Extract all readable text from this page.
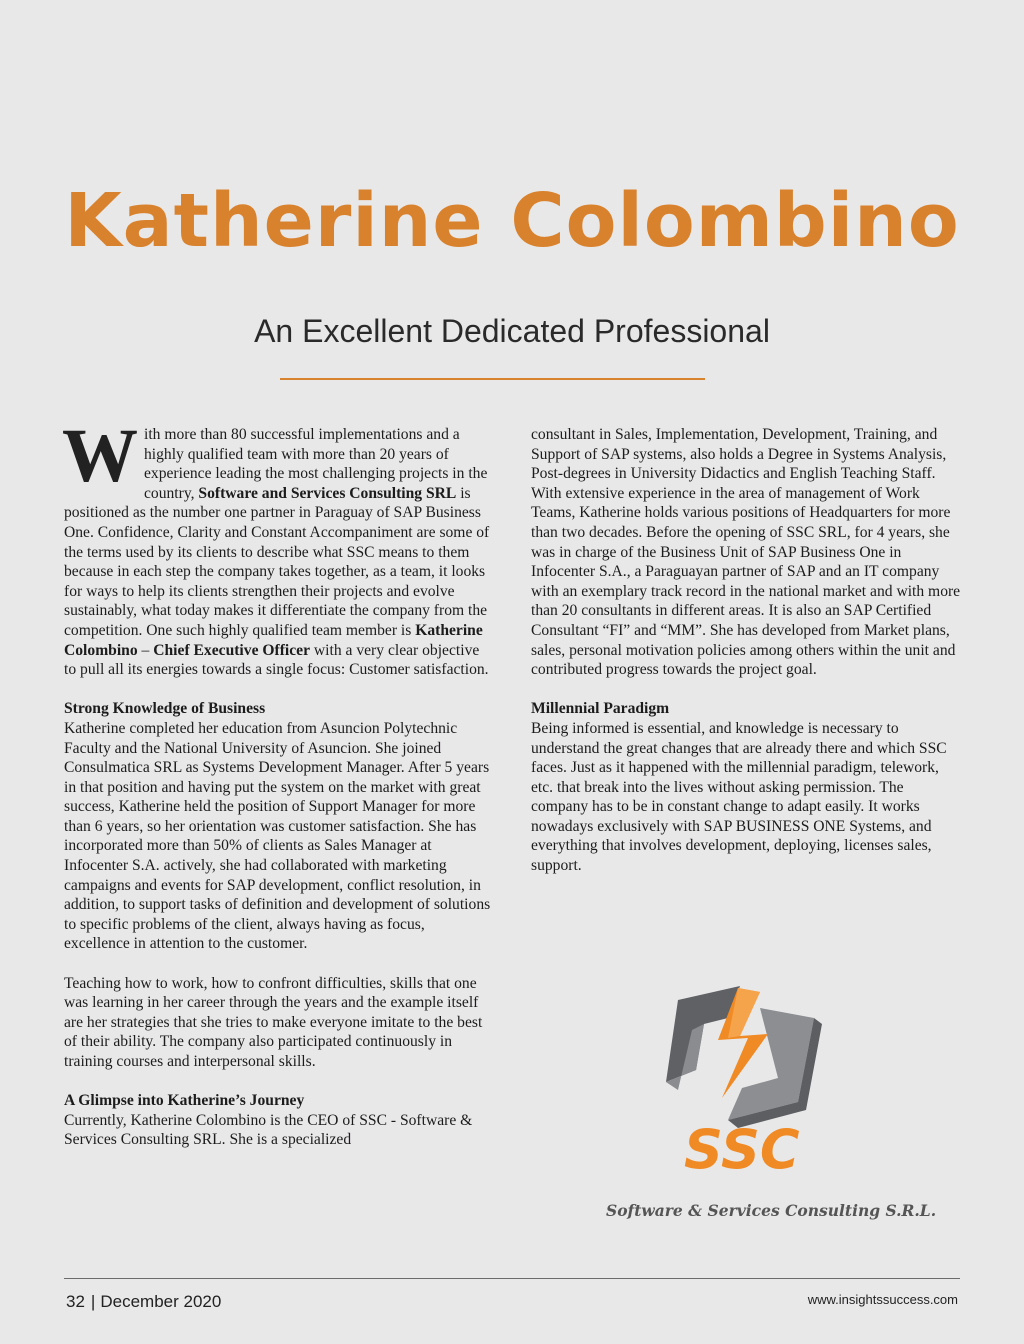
Katherine Colombino
An Excellent Dedicated Professional

With more than 80 successful implementations and a highly qualified team with more than 20 years of experience leading the most challenging projects in the country, Software and Services Consulting SRL is positioned as the number one partner in Paraguay of SAP Business One. Confidence, Clarity and Constant Accompaniment are some of the terms used by its clients to describe what SSC means to them because in each step the company takes together, as a team, it looks for ways to help its clients strengthen their projects and evolve sustainably, what today makes it differentiate the company from the competition. One such highly qualified team member is Katherine Colombino – Chief Executive Officer with a very clear objective to pull all its energies towards a single focus: Customer satisfaction.

Strong Knowledge of Business

Katherine completed her education from Asuncion Polytechnic Faculty and the National University of Asuncion. She joined Consulmatica SRL as Systems Development Manager. After 5 years in that position and having put the system on the market with great success, Katherine held the position of Support Manager for more than 6 years, so her orientation was customer satisfaction. She has incorporated more than 50% of clients as Sales Manager at Infocenter S.A. actively, she had collaborated with marketing campaigns and events for SAP development, conflict resolution, in addition, to support tasks of definition and development of solutions to specific problems of the client, always having as focus, excellence in attention to the customer.

Teaching how to work, how to confront difficulties, skills that one was learning in her career through the years and the example itself are her strategies that she tries to make everyone imitate to the best of their ability. The company also participated continuously in training courses and interpersonal skills.

A Glimpse into Katherine’s Journey

Currently, Katherine Colombino is the CEO of SSC - Software & Services Consulting SRL. She is a specialized

consultant in Sales, Implementation, Development, Training, and Support of SAP systems, also holds a Degree in Systems Analysis, Post-degrees in University Didactics and English Teaching Staff. With extensive experience in the area of management of Work Teams, Katherine holds various positions of Headquarters for more than two decades. Before the opening of SSC SRL, for 4 years, she was in charge of the Business Unit of SAP Business One in Infocenter S.A., a Paraguayan partner of SAP and an IT company with an exemplary track record in the national market and with more than 20 consultants in different areas. It is also an SAP Certified Consultant “FI” and “MM”. She has developed from Market plans, sales, personal motivation policies among others within the unit and contributed progress towards the project goal.

Millennial Paradigm

Being informed is essential, and knowledge is necessary to understand the great changes that are already there and which SSC faces. Just as it happened with the millennial paradigm, telework, etc. that break into the lives without asking permission. The company has to be in constant change to adapt easily. It works nowadays exclusively with SAP BUSINESS ONE Systems, and everything that involves development, deploying, licenses sales, support.

SSC
Software & Services Consulting S.R.L.
32 | December 2020	www.insightssuccess.com
